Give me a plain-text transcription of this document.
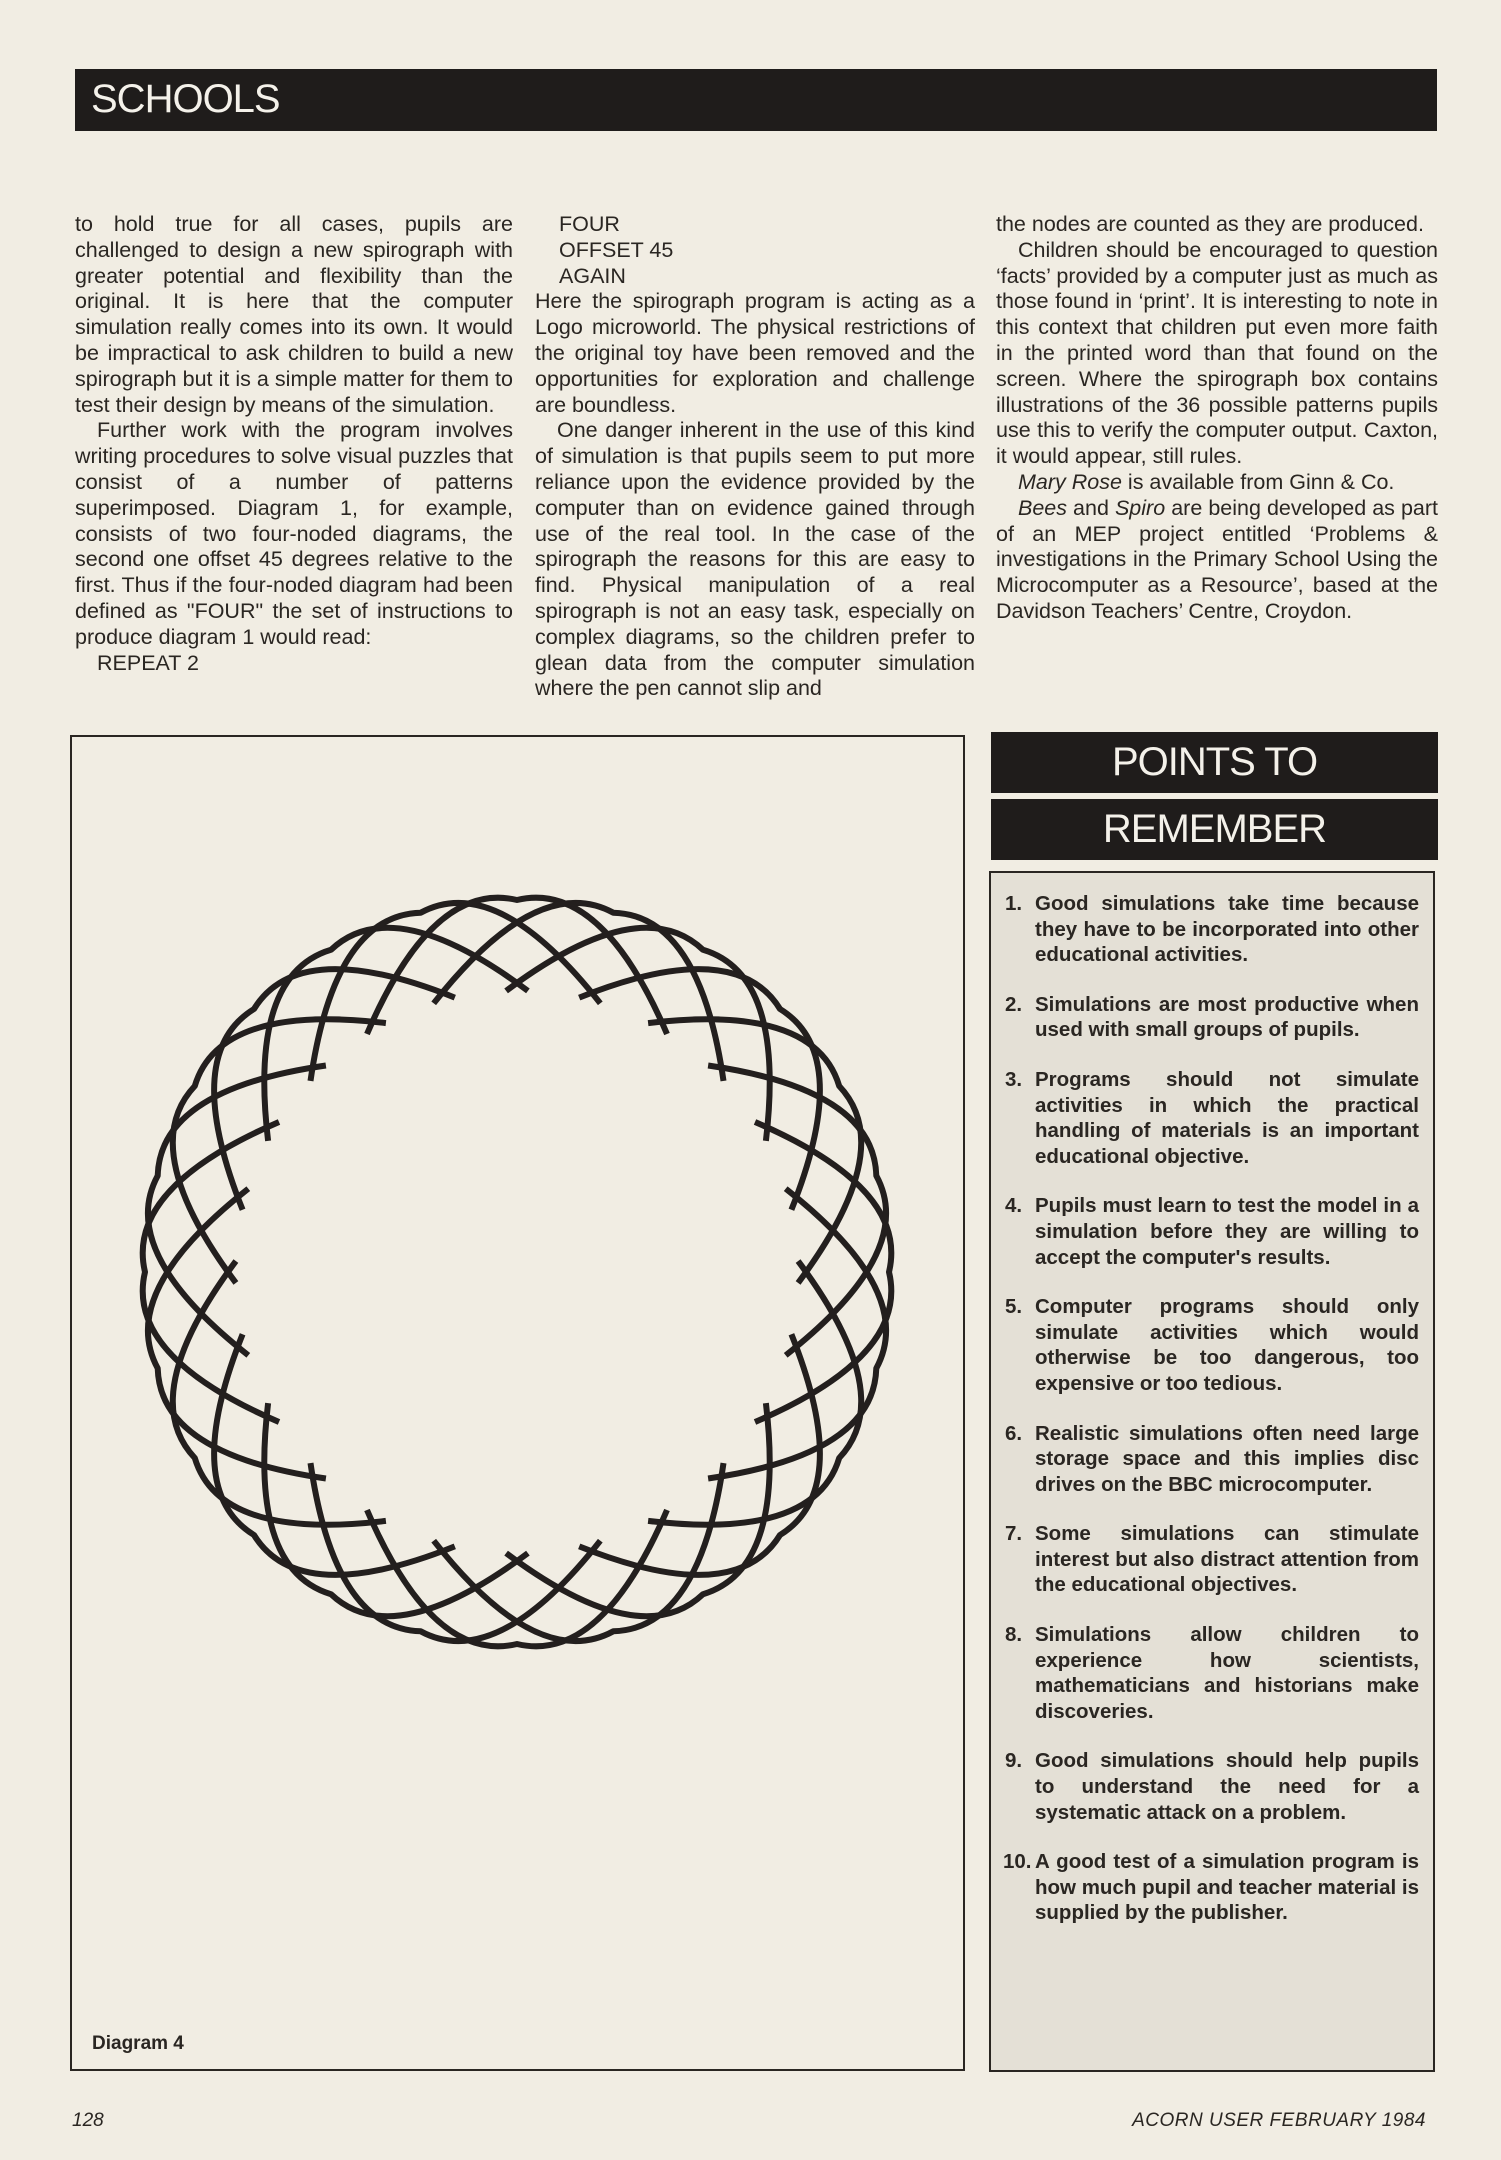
SCHOOLS

to hold true for all cases, pupils are challenged to design a new spirograph with greater potential and flexibility than the original. It is here that the computer simulation really comes into its own. It would be impractical to ask children to build a new spirograph but it is a simple matter for them to test their design by means of the simulation.

Further work with the program involves writing procedures to solve visual puzzles that consist of a number of patterns superimposed. Diagram 1, for example, consists of two four-noded diagrams, the second one offset 45 degrees relative to the first. Thus if the four-noded diagram had been defined as "FOUR" the set of instructions to produce diagram 1 would read:

REPEAT 2

FOUR

OFFSET 45

AGAIN

Here the spirograph program is acting as a Logo microworld. The physical restrictions of the original toy have been removed and the opportunities for exploration and challenge are boundless.

One danger inherent in the use of this kind of simulation is that pupils seem to put more reliance upon the evidence provided by the computer than on evidence gained through use of the real tool. In the case of the spirograph the reasons for this are easy to find. Physical manipulation of a real spirograph is not an easy task, especially on complex diagrams, so the children prefer to glean data from the computer simulation where the pen cannot slip and

the nodes are counted as they are produced.

Children should be encouraged to question ‘facts’ provided by a computer just as much as those found in ‘print’. It is interesting to note in this context that children put even more faith in the printed word than that found on the screen. Where the spirograph box contains illustrations of the 36 possible patterns pupils use this to verify the computer output. Caxton, it would appear, still rules.

Mary Rose is available from Ginn & Co.

Bees and Spiro are being developed as part of an MEP project entitled ‘Problems & investigations in the Primary School Using the Microcomputer as a Resource’, based at the Davidson Teachers’ Centre, Croydon.

Diagram 4
POINTS TO
REMEMBER
1. Good simulations take time because they have to be incorporated into other educational activities.
2. Simulations are most productive when used with small groups of pupils.
3. Programs should not simulate activities in which the practical handling of materials is an important educational objective.
4. Pupils must learn to test the model in a simulation before they are willing to accept the computer's results.
5. Computer programs should only simulate activities which would otherwise be too dangerous, too expensive or too tedious.
6. Realistic simulations often need large storage space and this implies disc drives on the BBC microcomputer.
7. Some simulations can stimulate interest but also distract attention from the educational objectives.
8. Simulations allow children to experience how scientists, mathematicians and historians make discoveries.
9. Good simulations should help pupils to understand the need for a systematic attack on a problem.
10. A good test of a simulation program is how much pupil and teacher material is supplied by the publisher.
128	ACORN USER FEBRUARY 1984
